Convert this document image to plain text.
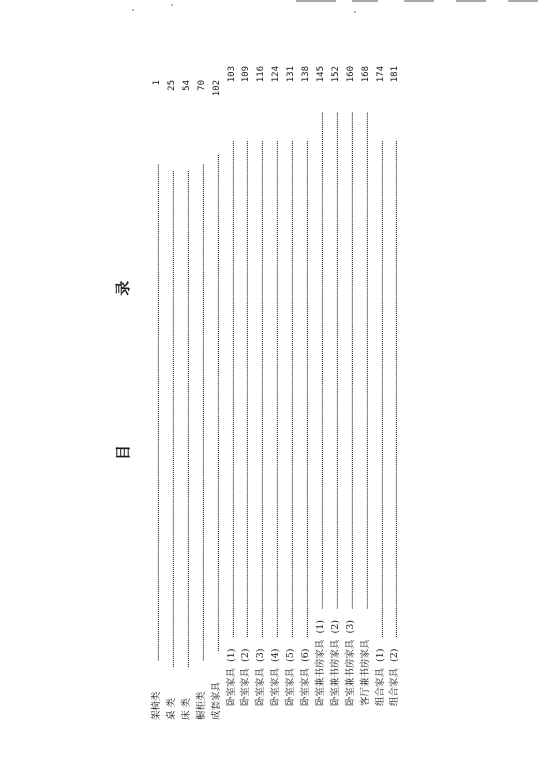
目 录
架椅类
.....
1
桌 类
.....
25
床 类
.....
54
橱柜类
.....
70
成套家具
.....
102
卧室家具
(1)
.....
103
卧室家具
(2)
.....
109
卧室家具
(3)
.....
116
卧室家具
(4)
.....
124
卧室家具
(5)
.....
131
卧室家具
(6)
.....
138
卧室兼书房家具
(1)
.....
145
卧室兼书房家具
(2)
.....
152
卧室兼书房家具
(3)
.....
160
客厅兼书房家具
.....
168
组合家具
(1)
.....
174
组合家具
(2)
.....
181
